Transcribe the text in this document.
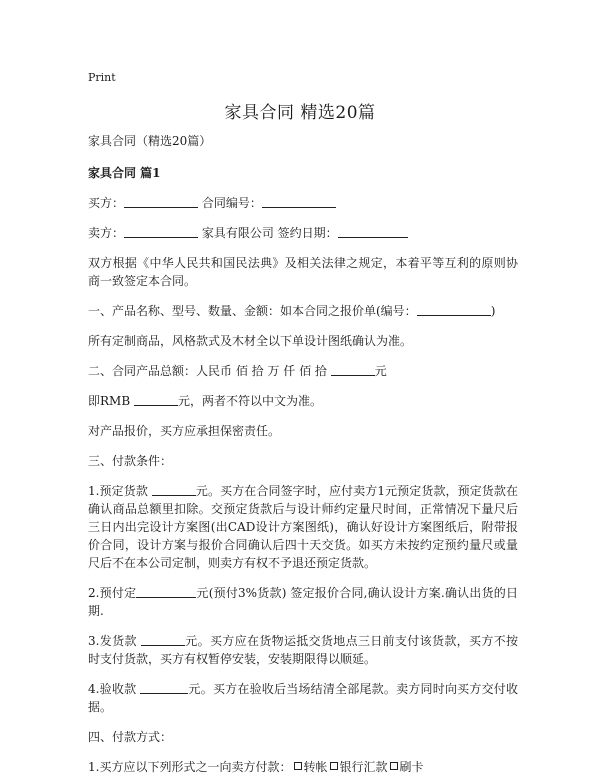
Print
家具合同 精选20篇

家具合同（精选20篇）

家具合同 篇1

买方：	合同编号：

卖方：	家具有限公司 签约日期：

双方根据《中华人民共和国民法典》及相关法律之规定，本着平等互利的原则协商一致签定本合同。

一、产品名称、型号、数量、金额：如本合同之报价单(编号：	)

所有定制商品，风格款式及木材全以下单设计图纸确认为准。

二、合同产品总额：人民币 佰 拾 万 仟 佰 拾	元

即RMB	元，两者不符以中文为准。

对产品报价，买方应承担保密责任。

三、付款条件：

1.预定货款	元。买方在合同签字时，应付卖方1元预定货款，预定货款在确认商品总额里扣除。交预定货款后与设计师约定量尺时间，正常情况下量尺后三日内出完设计方案图(出CAD设计方案图纸)，确认好设计方案图纸后，附带报价合同，设计方案与报价合同确认后四十天交货。如买方未按约定预约量尺或量尺后不在本公司定制，则卖方有权不予退还预定货款。

2.预付定	元(预付3%货款) 签定报价合同,确认设计方案.确认出货的日期.

3.发货款	元。买方应在货物运抵交货地点三日前支付该货款，买方不按时支付货款，买方有权暂停安装，安装期限得以顺延。

4.验收款	元。买方在验收后当场结清全部尾款。卖方同时向买方交付收据。

四、付款方式：

1.买方应以下列形式之一向卖方付款： 转帐 银行汇款 刷卡
